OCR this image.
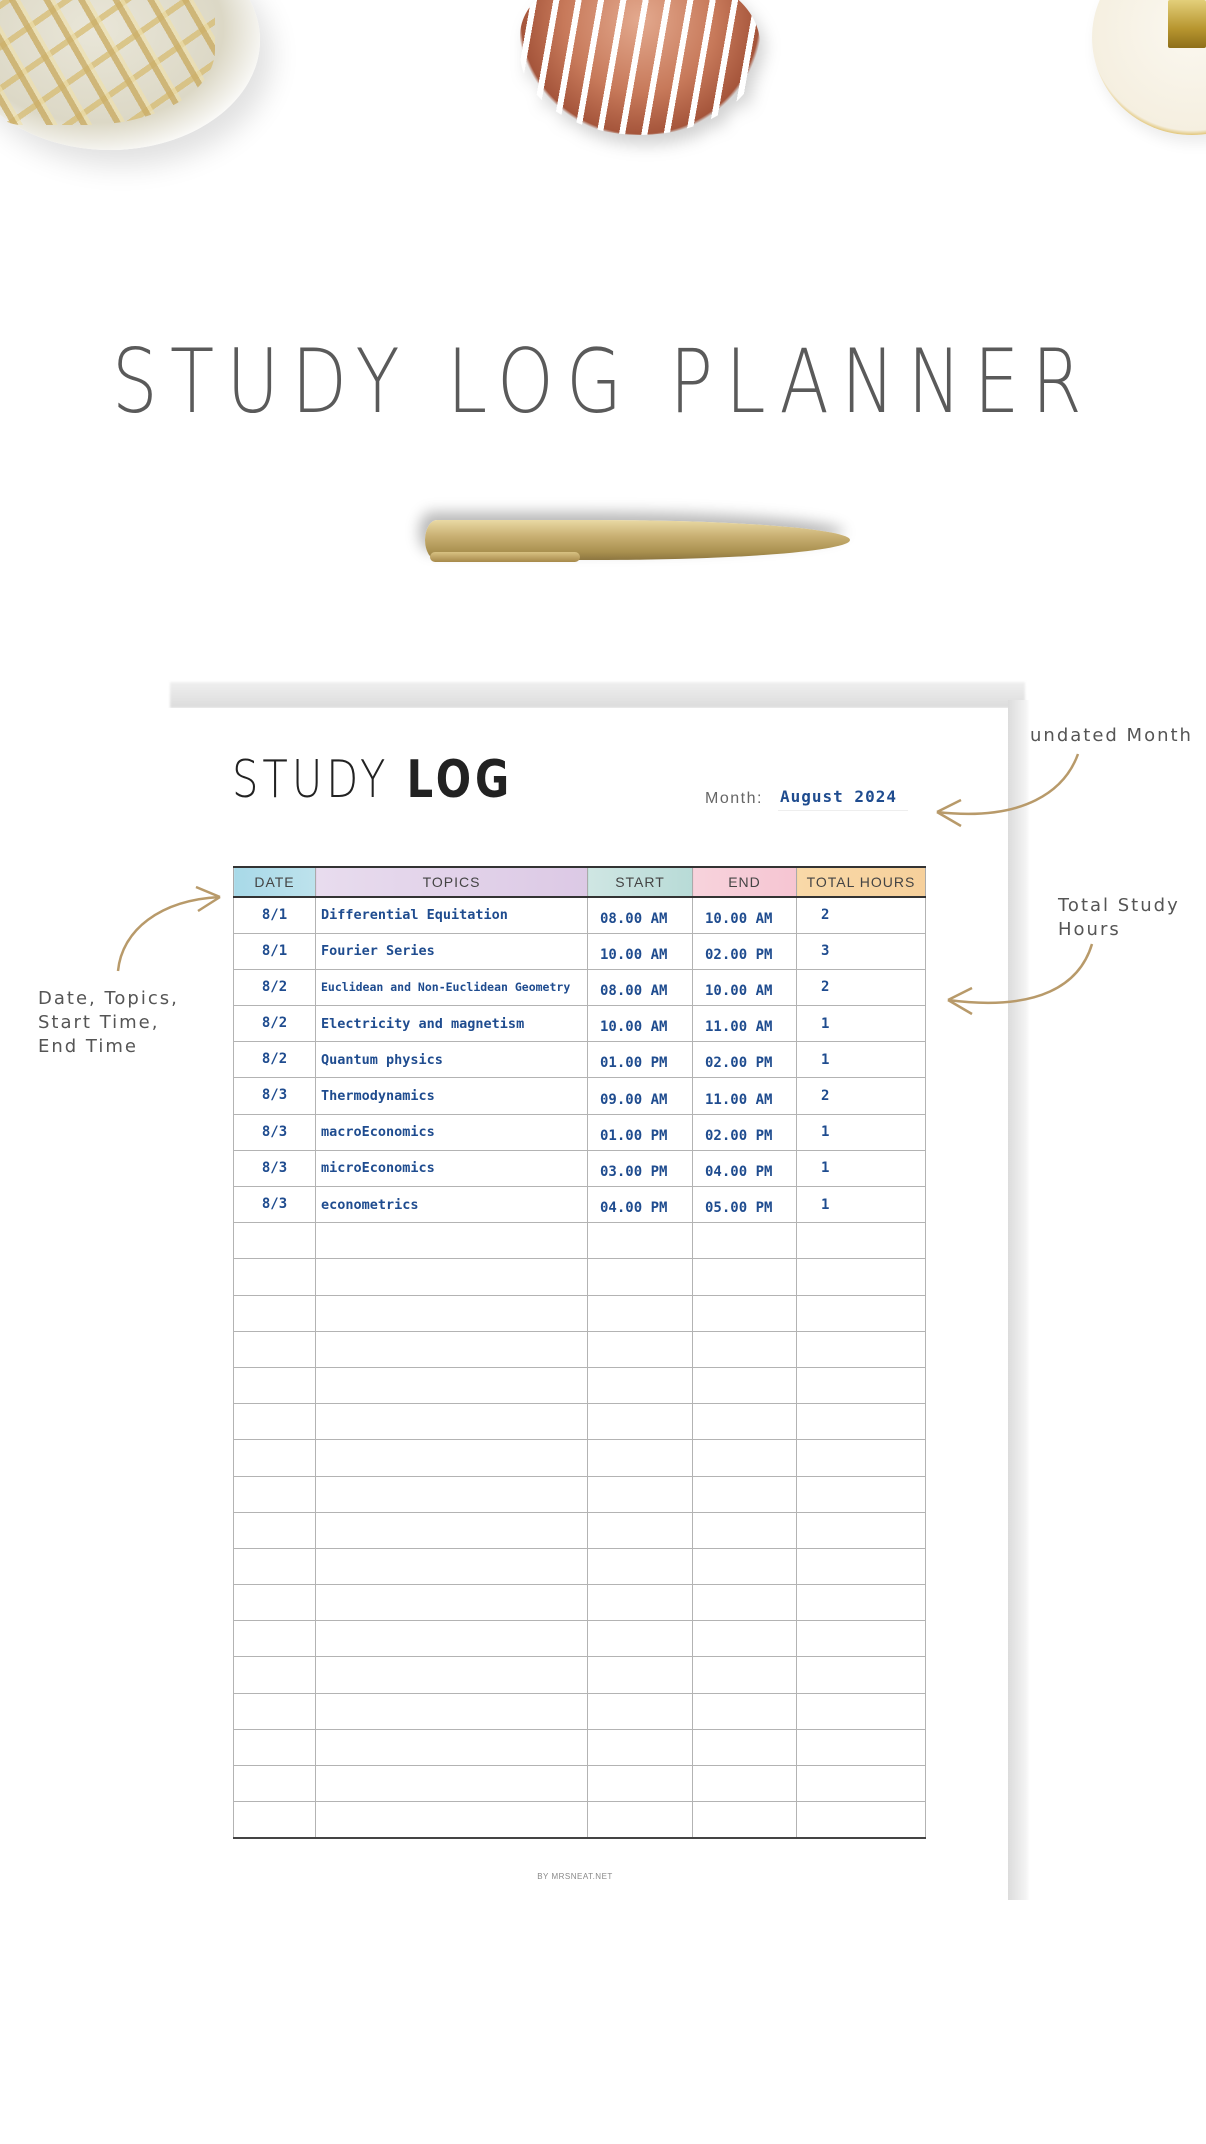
STUDY LOG PLANNER
STUDY LOG	Month: August 2024
DATE	TOPICS	START	END	TOTAL HOURS
8/1	Differential Equitation	08.00 AM	10.00 AM	2
8/1	Fourier Series	10.00 AM	02.00 PM	3
8/2	Euclidean and Non-Euclidean Geometry	08.00 AM	10.00 AM	2
8/2	Electricity and magnetism	10.00 AM	11.00 AM	1
8/2	Quantum physics	01.00 PM	02.00 PM	1
8/3	Thermodynamics	09.00 AM	11.00 AM	2
8/3	macroEconomics	01.00 PM	02.00 PM	1
8/3	microEconomics	03.00 PM	04.00 PM	1
8/3	econometrics	04.00 PM	05.00 PM	1

BY MRSNEAT.NET
undated Month
Total Study
Hours
Date, Topics,
Start Time,
End Time
